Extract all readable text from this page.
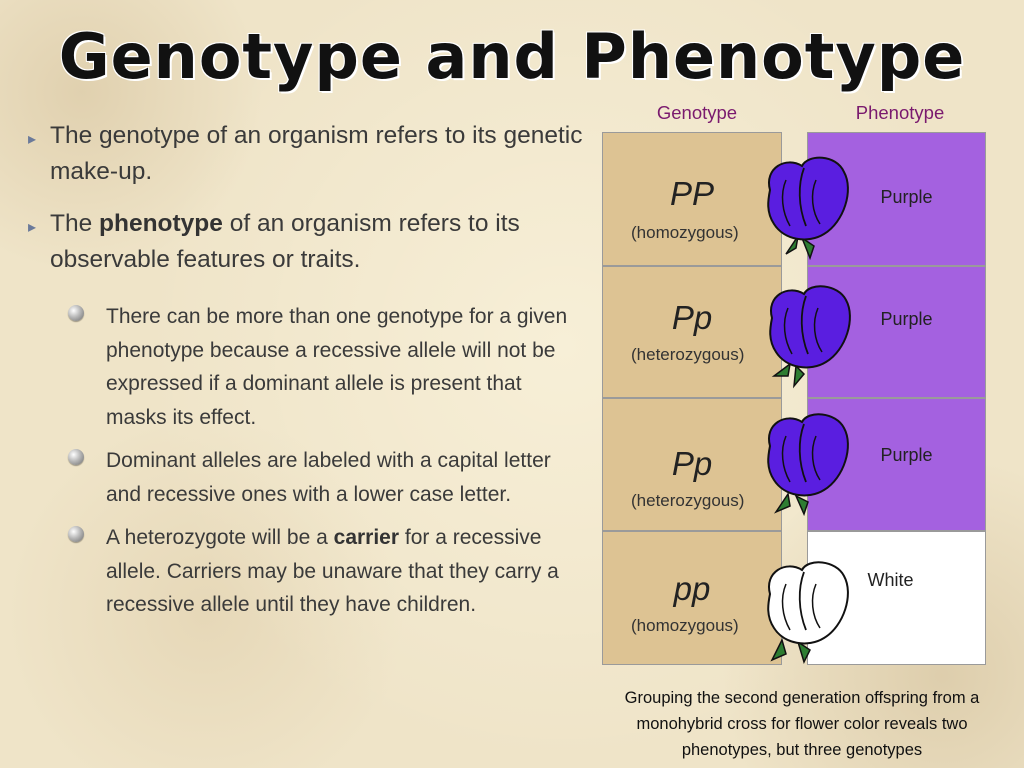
Genotype and Phenotype
▸ The genotype of an organism refers to its genetic make-up.
▸ The phenotype of an organism refers to its observable features or traits.
There can be more than one genotype for a given phenotype because a recessive allele will not be expressed if a dominant allele is present that masks its effect.
Dominant alleles are labeled with a capital letter and recessive ones with a lower case letter.
A heterozygote will be a carrier for a recessive allele. Carriers may be unaware that they carry a recessive allele until they have children.
Genotype	Phenotype
PP
(homozygous)
Purple
Pp
(heterozygous)
Purple
Pp
(heterozygous)
Purple
pp
(homozygous)
White
Grouping the second generation offspring from a monohybrid cross for flower color reveals two phenotypes, but three genotypes
